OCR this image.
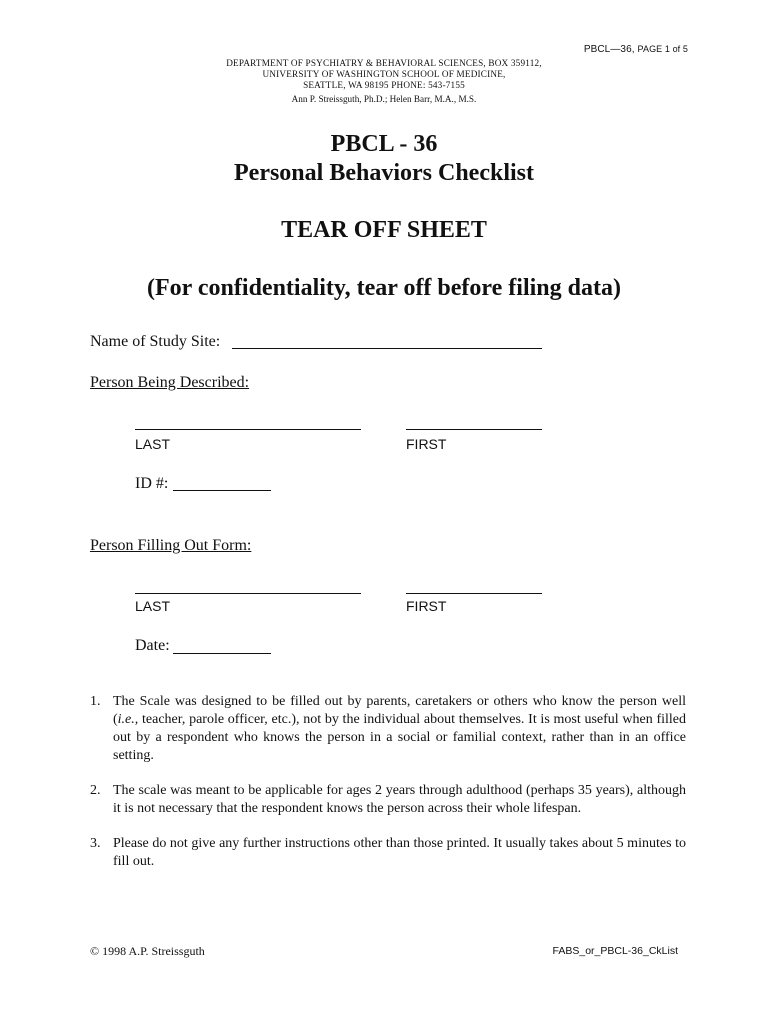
PBCL—36, PAGE 1 of 5
DEPARTMENT OF PSYCHIATRY & BEHAVIORAL SCIENCES, BOX 359112,
UNIVERSITY OF WASHINGTON SCHOOL OF MEDICINE,
SEATTLE, WA 98195 PHONE: 543-7155
Ann P. Streissguth, Ph.D.; Helen Barr, M.A., M.S.
PBCL - 36
Personal Behaviors Checklist
TEAR OFF SHEET
(For confidentiality, tear off before filing data)
Name of Study Site:
Person Being Described:
LAST	FIRST
ID #:
Person Filling Out Form:
LAST	FIRST
Date:
1. The Scale was designed to be filled out by parents, caretakers or others who know the person well (i.e., teacher, parole officer, etc.), not by the individual about themselves. It is most useful when filled out by a respondent who knows the person in a social or familial context, rather than in an office setting.
2. The scale was meant to be applicable for ages 2 years through adulthood (perhaps 35 years), although it is not necessary that the respondent knows the person across their whole lifespan.
3. Please do not give any further instructions other than those printed. It usually takes about 5 minutes to fill out.
© 1998 A.P. Streissguth	FABS_or_PBCL-36_CkList
